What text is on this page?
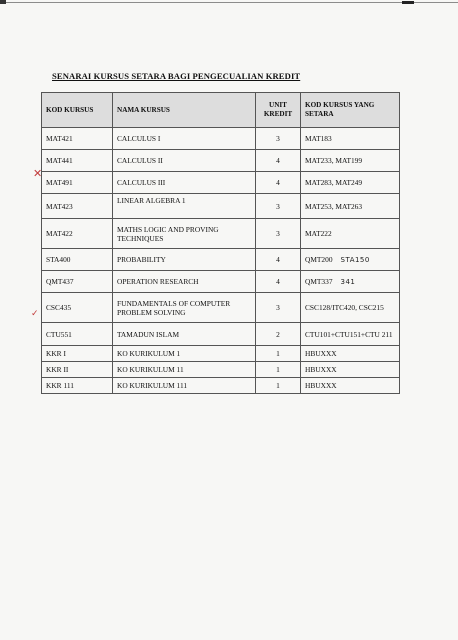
SENARAI KURSUS SETARA BAGI PENGECUALIAN KREDIT
✕
✓
KOD KURSUS	NAMA KURSUS	UNIT KREDIT	KOD KURSUS YANG SETARA
MAT421	CALCULUS I	3	MAT183
MAT441	CALCULUS II	4	MAT233, MAT199
MAT491	CALCULUS III	4	MAT283, MAT249
MAT423	LINEAR ALGEBRA 1	3	MAT253, MAT263
MAT422	MATHS LOGIC AND PROVING TECHNIQUES	3	MAT222
STA400	PROBABILITY	4	QMT200 STA150
QMT437	OPERATION RESEARCH	4	QMT337 341
CSC435	FUNDAMENTALS OF COMPUTER PROBLEM SOLVING	3	CSC128/ITC420, CSC215
CTU551	TAMADUN ISLAM	2	CTU101+CTU151+CTU 211
KKR I	KO KURIKULUM 1	1	HBUXXX
KKR II	KO KURIKULUM 11	1	HBUXXX
KKR 111	KO KURIKULUM 111	1	HBUXXX
